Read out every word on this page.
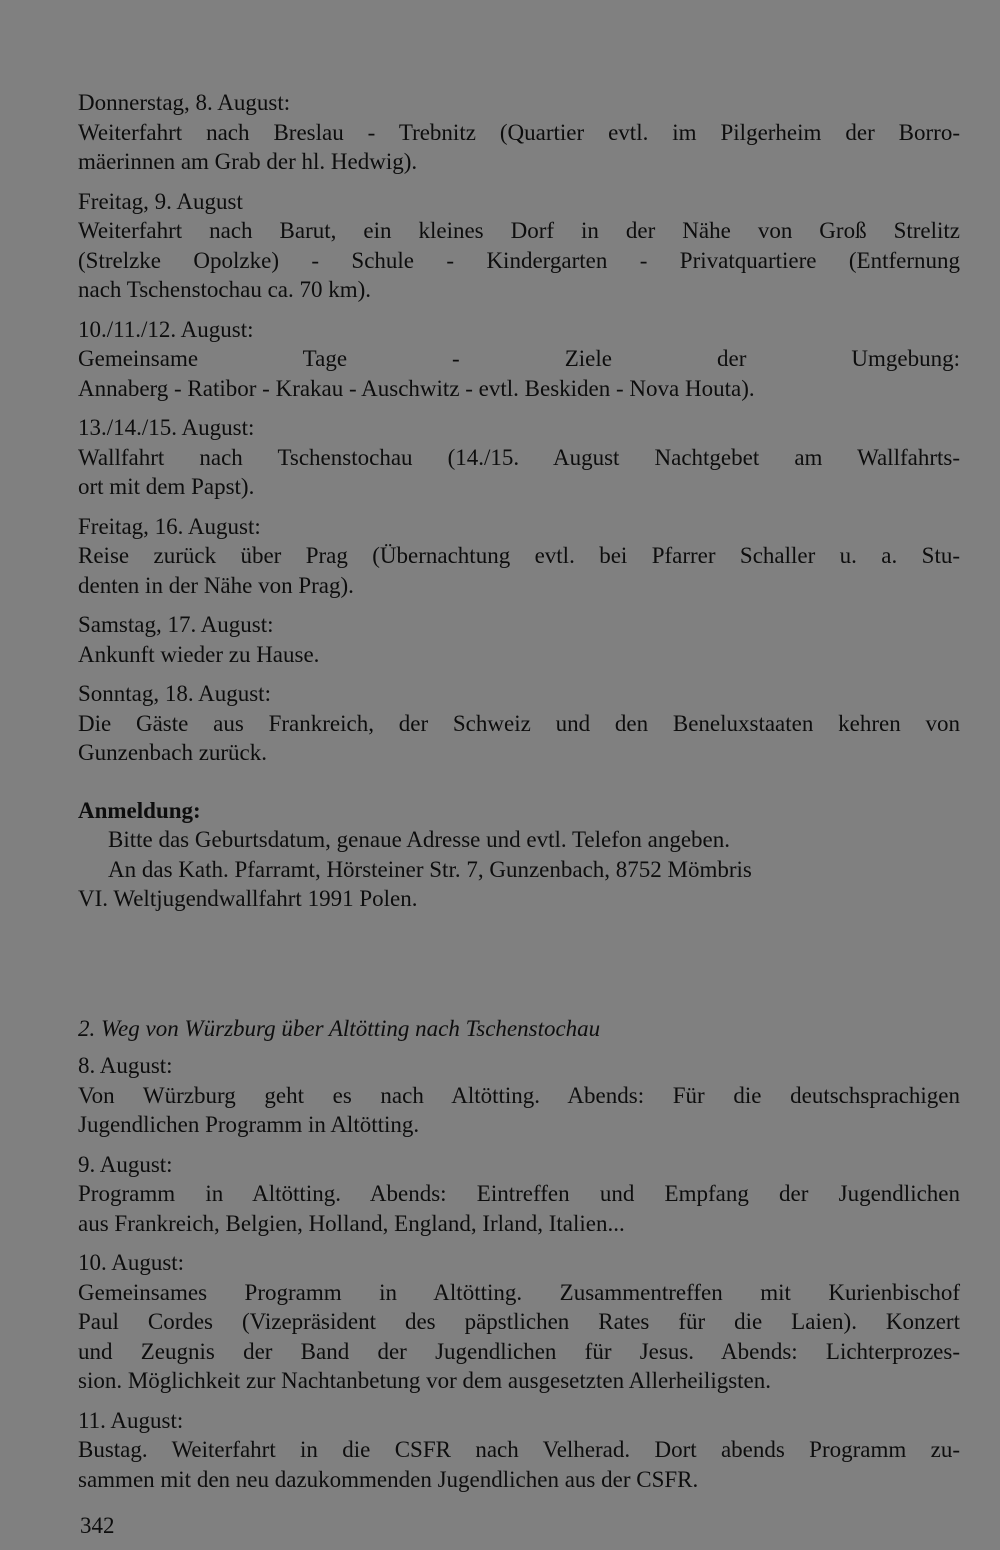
Donnerstag, 8. August:

Weiterfahrt nach Breslau - Trebnitz (Quartier evtl. im Pilgerheim der Borro-

mäerinnen am Grab der hl. Hedwig).

Freitag, 9. August

Weiterfahrt nach Barut, ein kleines Dorf in der Nähe von Groß Strelitz

(Strelzke Opolzke) - Schule - Kindergarten - Privatquartiere (Entfernung

nach Tschenstochau ca. 70 km).

10./11./12. August:

Gemeinsame Tage - Ziele der Umgebung:

Annaberg - Ratibor - Krakau - Auschwitz - evtl. Beskiden - Nova Houta).

13./14./15. August:

Wallfahrt nach Tschenstochau (14./15. August Nachtgebet am Wallfahrts-

ort mit dem Papst).

Freitag, 16. August:

Reise zurück über Prag (Übernachtung evtl. bei Pfarrer Schaller u. a. Stu-

denten in der Nähe von Prag).

Samstag, 17. August:

Ankunft wieder zu Hause.

Sonntag, 18. August:

Die Gäste aus Frankreich, der Schweiz und den Beneluxstaaten kehren von

Gunzenbach zurück.

Anmeldung:

Bitte das Geburtsdatum, genaue Adresse und evtl. Telefon angeben.

An das Kath. Pfarramt, Hörsteiner Str. 7, Gunzenbach, 8752 Mömbris

VI. Weltjugendwallfahrt 1991 Polen.

2. Weg von Würzburg über Altötting nach Tschenstochau

8. August:

Von Würzburg geht es nach Altötting. Abends: Für die deutschsprachigen

Jugendlichen Programm in Altötting.

9. August:

Programm in Altötting. Abends: Eintreffen und Empfang der Jugendlichen

aus Frankreich, Belgien, Holland, England, Irland, Italien...

10. August:

Gemeinsames Programm in Altötting. Zusammentreffen mit Kurienbischof

Paul Cordes (Vizepräsident des päpstlichen Rates für die Laien). Konzert

und Zeugnis der Band der Jugendlichen für Jesus. Abends: Lichterprozes-

sion. Möglichkeit zur Nachtanbetung vor dem ausgesetzten Allerheiligsten.

11. August:

Bustag. Weiterfahrt in die CSFR nach Velherad. Dort abends Programm zu-

sammen mit den neu dazukommenden Jugendlichen aus der CSFR.

342
